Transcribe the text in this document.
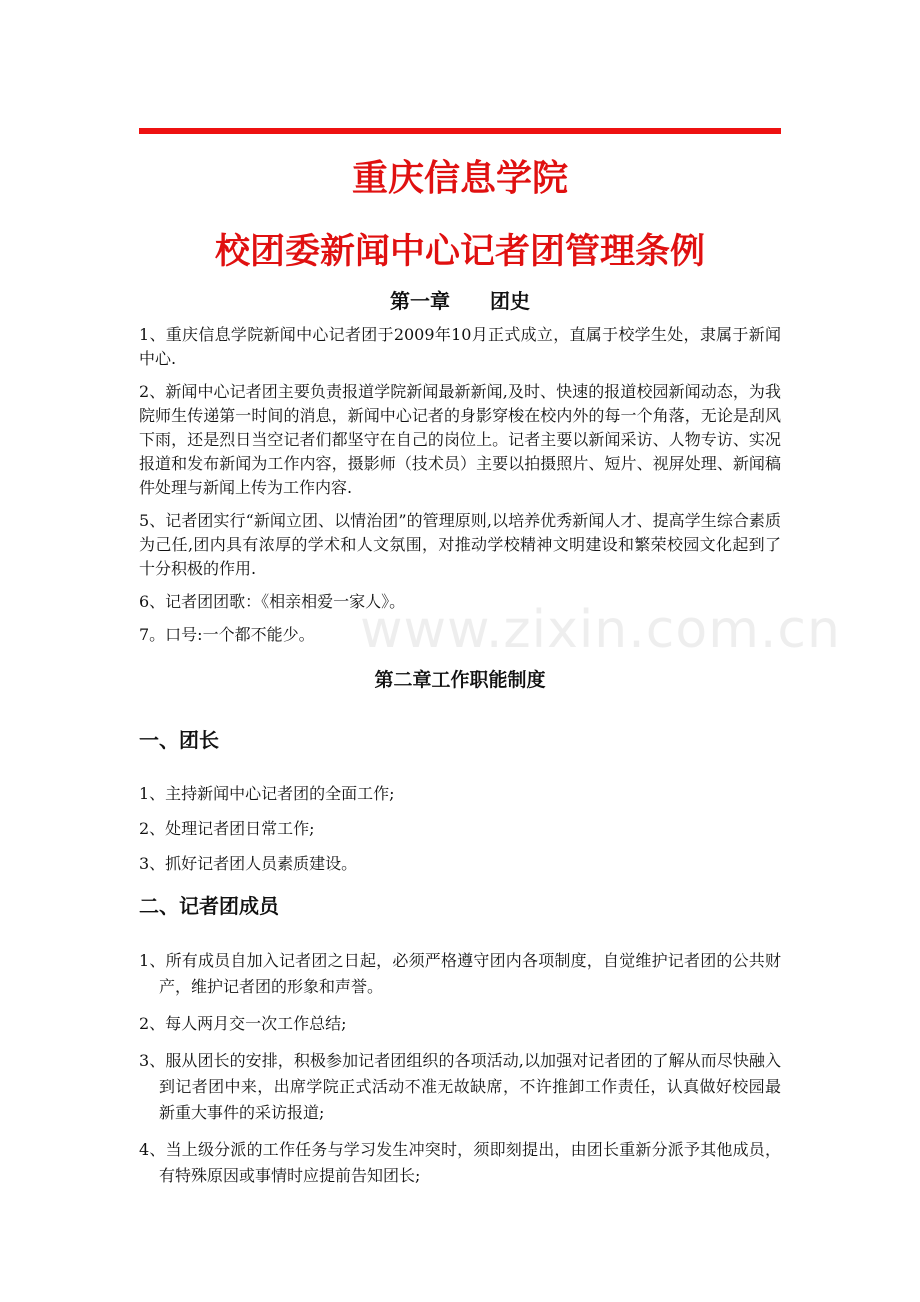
重庆信息学院
校团委新闻中心记者团管理条例
第一章 团史

1、重庆信息学院新闻中心记者团于2009年10月正式成立，直属于校学生处，隶属于新闻中心.

2、新闻中心记者团主要负责报道学院新闻最新新闻,及时、快速的报道校园新闻动态，为我院师生传递第一时间的消息，新闻中心记者的身影穿梭在校内外的每一个角落，无论是刮风下雨，还是烈日当空记者们都坚守在自己的岗位上。记者主要以新闻采访、人物专访、实况报道和发布新闻为工作内容，摄影师（技术员）主要以拍摄照片、短片、视屏处理、新闻稿件处理与新闻上传为工作内容.

5、记者团实行“新闻立团、以情治团”的管理原则,以培养优秀新闻人才、提高学生综合素质为己任,团内具有浓厚的学术和人文氛围，对推动学校精神文明建设和繁荣校园文化起到了十分积极的作用.

6、记者团团歌：《相亲相爱一家人》。

7。口号:一个都不能少。

第二章工作职能制度
一、团长

1、主持新闻中心记者团的全面工作;

2、处理记者团日常工作;

3、抓好记者团人员素质建设。

二、记者团成员

1、所有成员自加入记者团之日起，必须严格遵守团内各项制度，自觉维护记者团的公共财产，维护记者团的形象和声誉。

2、每人两月交一次工作总结;

3、服从团长的安排，积极参加记者团组织的各项活动,以加强对记者团的了解从而尽快融入到记者团中来，出席学院正式活动不准无故缺席，不许推卸工作责任，认真做好校园最新重大事件的采访报道;

4、当上级分派的工作任务与学习发生冲突时，须即刻提出，由团长重新分派予其他成员，有特殊原因或事情时应提前告知团长;

www.zixin.com.cn
